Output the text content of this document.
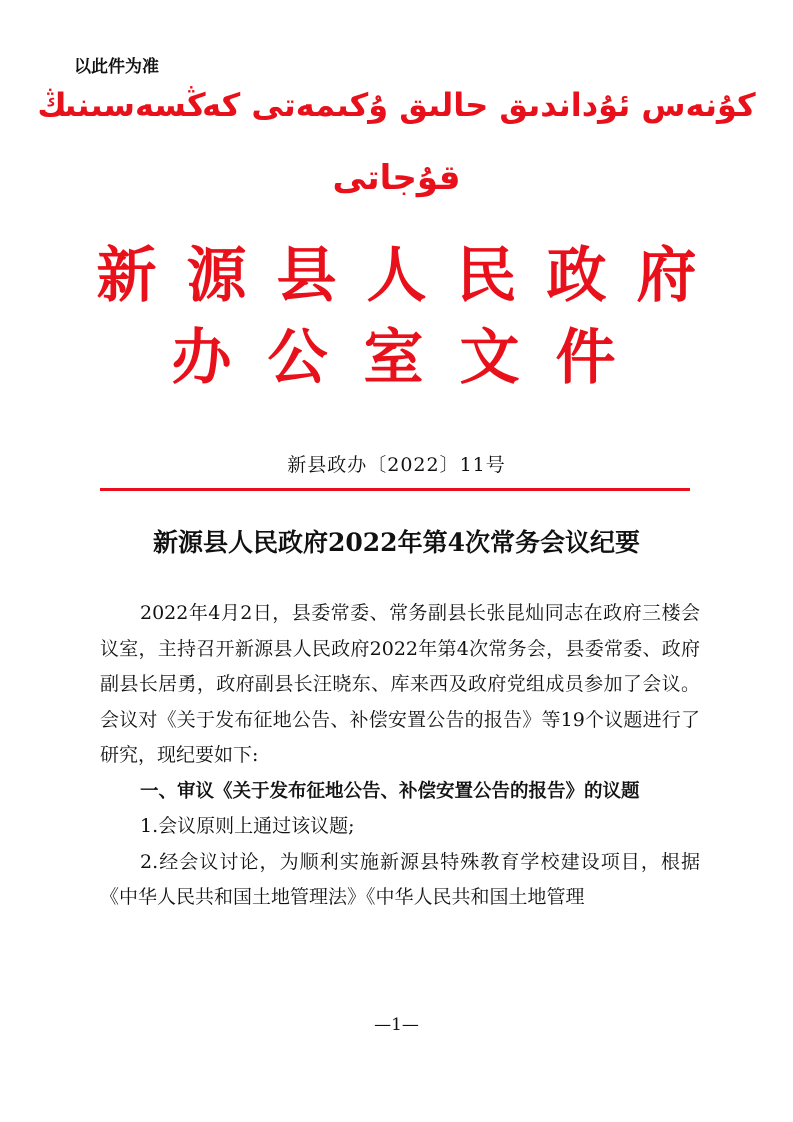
以此件为准
كۇنەس ئۇداندىق حالىق ۇكىمەتى كەڭسەسىنىڭ
قۇجاتى
新源县人民政府
办公室文件
新县政办〔2022〕11号
新源县人民政府2022年第4次常务会议纪要

2022年4月2日，县委常委、常务副县长张昆灿同志在政府三楼会议室，主持召开新源县人民政府2022年第4次常务会，县委常委、政府副县长居勇，政府副县长汪晓东、库来西及政府党组成员参加了会议。会议对《关于发布征地公告、补偿安置公告的报告》等19个议题进行了研究，现纪要如下:

一、审议《关于发布征地公告、补偿安置公告的报告》的议题

1.会议原则上通过该议题;

2.经会议讨论，为顺利实施新源县特殊教育学校建设项目，根据《中华人民共和国土地管理法》《中华人民共和国土地管理

—1—
